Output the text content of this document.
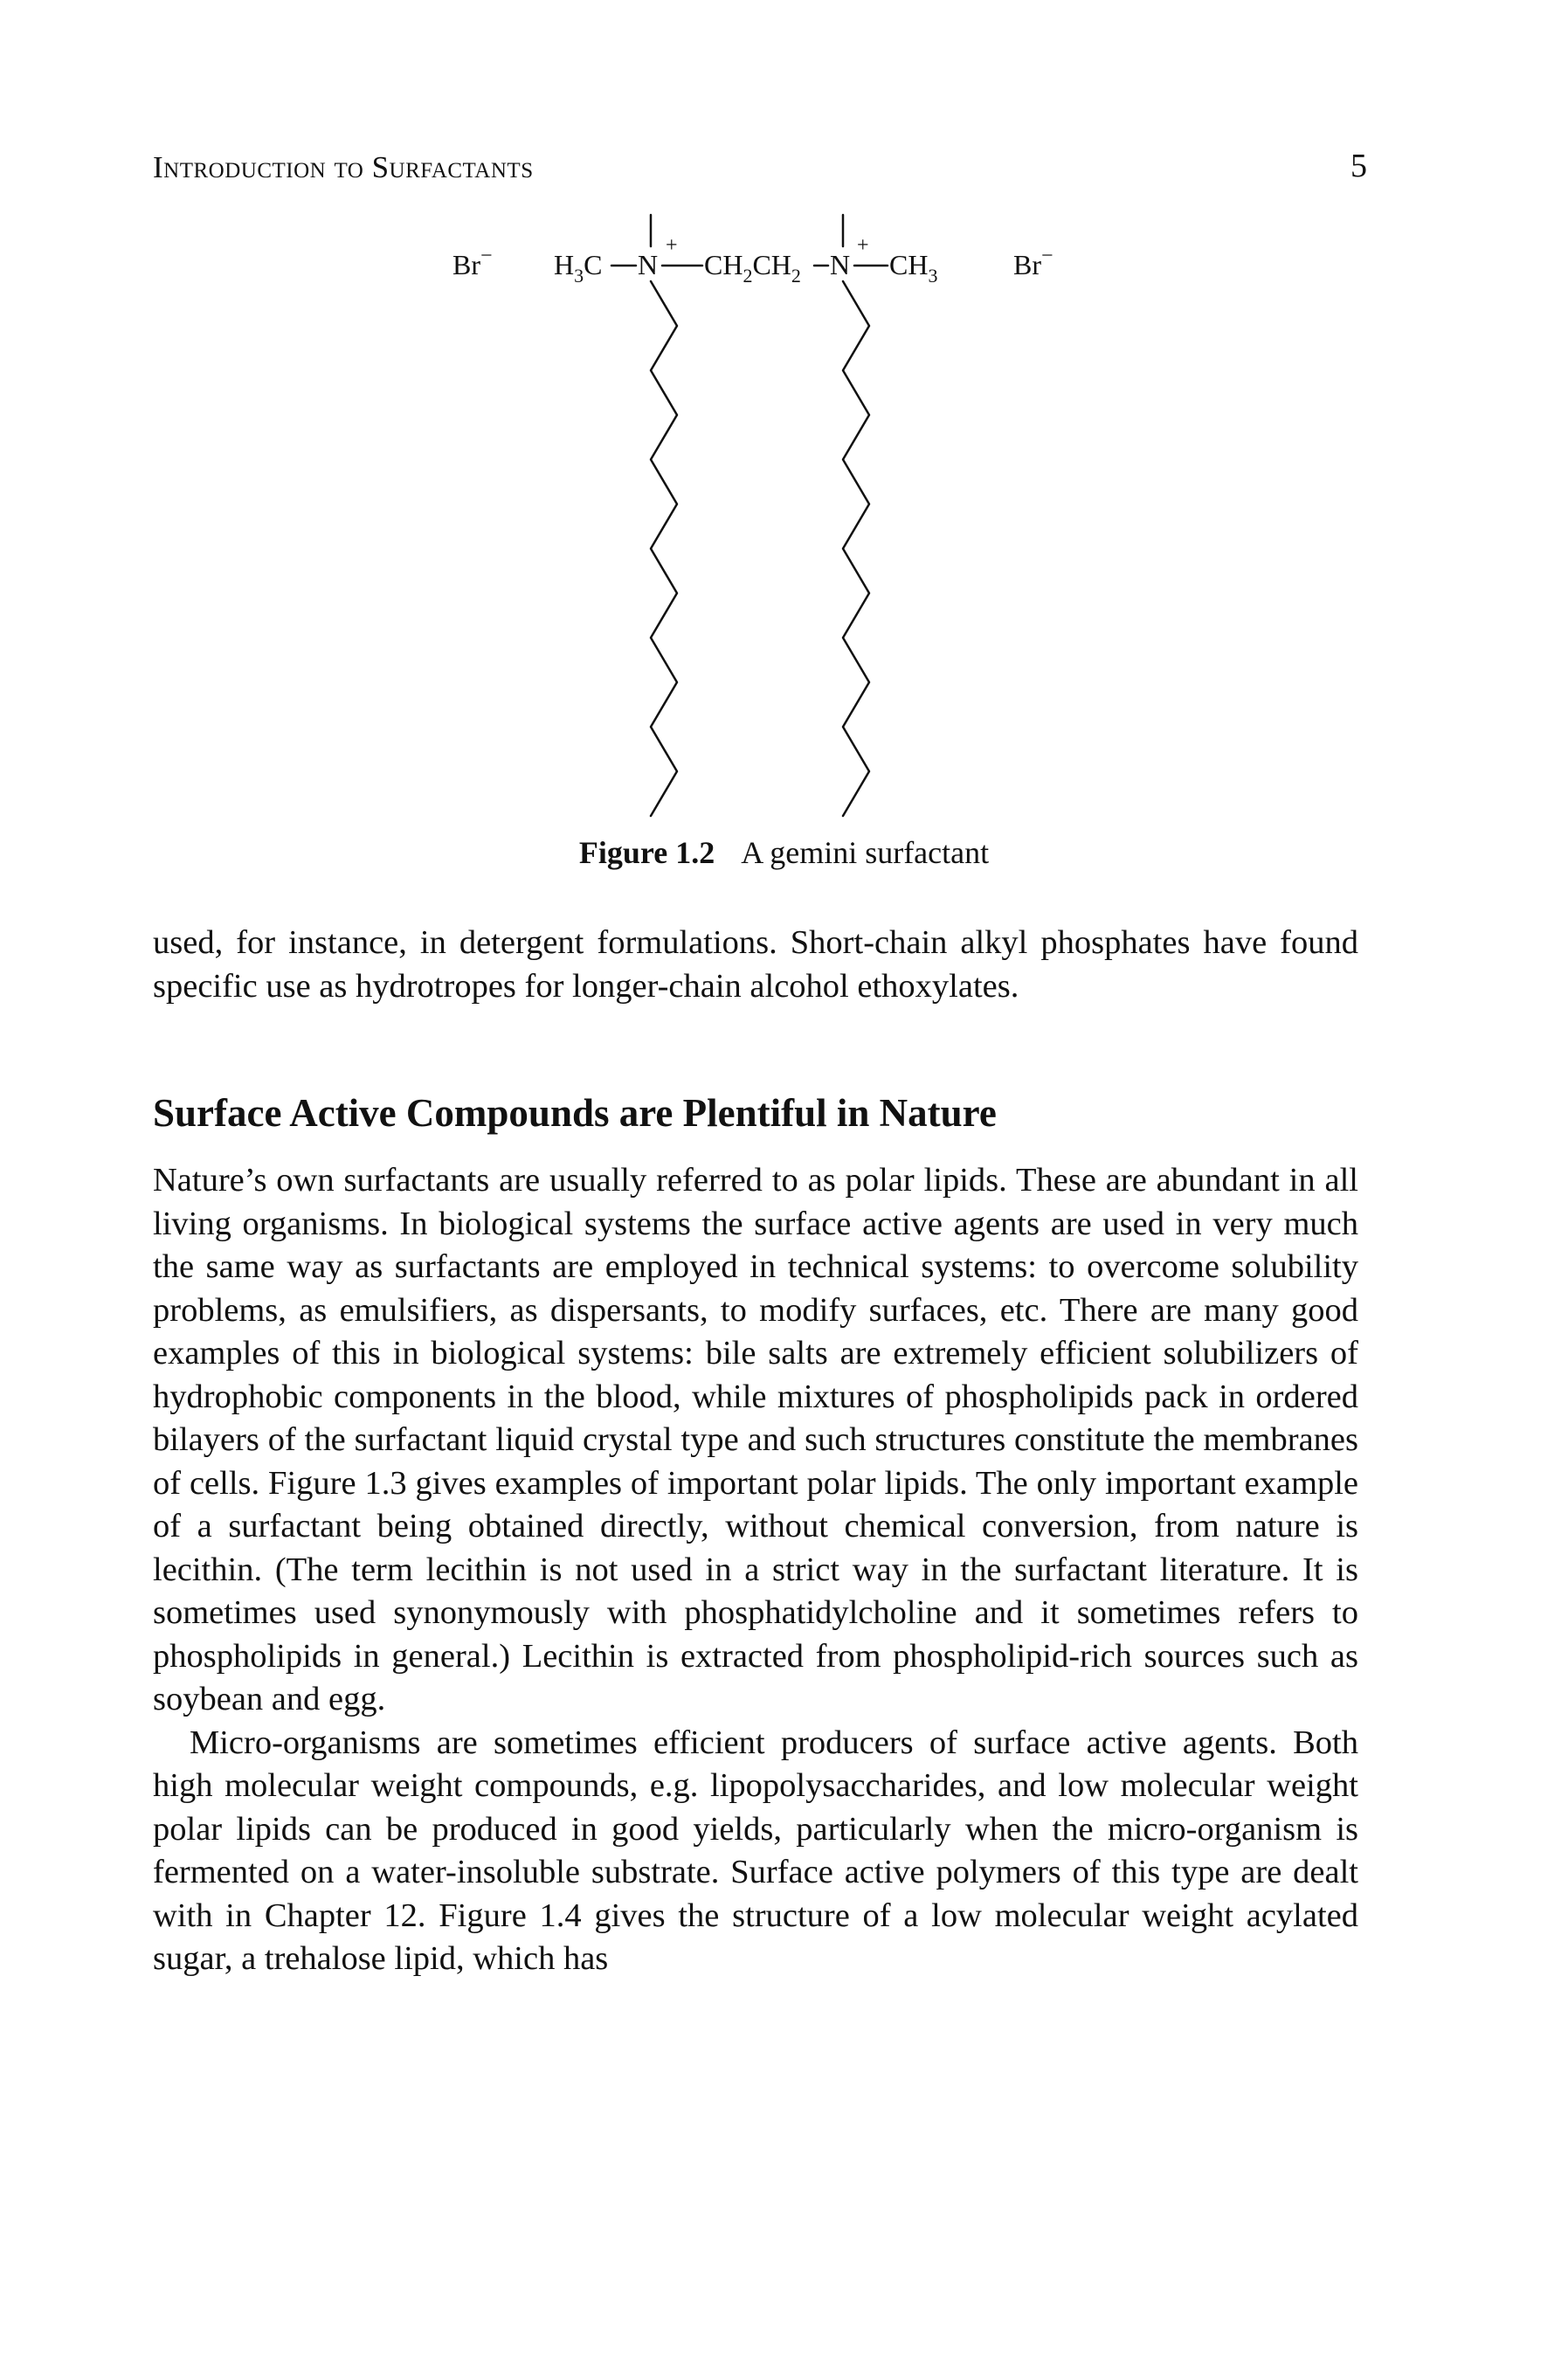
Introduction to Surfactants	5
Br− $H_3C$ N
+
$CH_2CH_2$ N
+
$CH_3$	Br−
Figure 1.2 A gemini surfactant
used, for instance, in detergent formulations. Short-chain alkyl phosphates have found specific use as hydrotropes for longer-chain alcohol ethoxylates.
Surface Active Compounds are Plentiful in Nature

Nature’s own surfactants are usually referred to as polar lipids. These are abundant in all living organisms. In biological systems the surface active agents are used in very much the same way as surfactants are employed in technical systems: to overcome solubility problems, as emulsifiers, as dispersants, to modify surfaces, etc. There are many good examples of this in biological systems: bile salts are extremely efficient solubilizers of hydrophobic components in the blood, while mixtures of phospholipids pack in ordered bilayers of the surfactant liquid crystal type and such structures constitute the membranes of cells. Figure 1.3 gives examples of important polar lipids. The only important example of a surfactant being obtained directly, without chemical conversion, from nature is lecithin. (The term lecithin is not used in a strict way in the surfactant literature. It is sometimes used synonymously with phosphatidylcholine and it sometimes refers to phospholipids in general.) Lecithin is extracted from phospholipid-rich sources such as soybean and egg.

Micro-organisms are sometimes efficient producers of surface active agents. Both high molecular weight compounds, e.g. lipopolysaccharides, and low molecular weight polar lipids can be produced in good yields, particularly when the micro-organism is fermented on a water-insoluble substrate. Surface active polymers of this type are dealt with in Chapter 12. Figure 1.4 gives the structure of a low molecular weight acylated sugar, a trehalose lipid, which has
